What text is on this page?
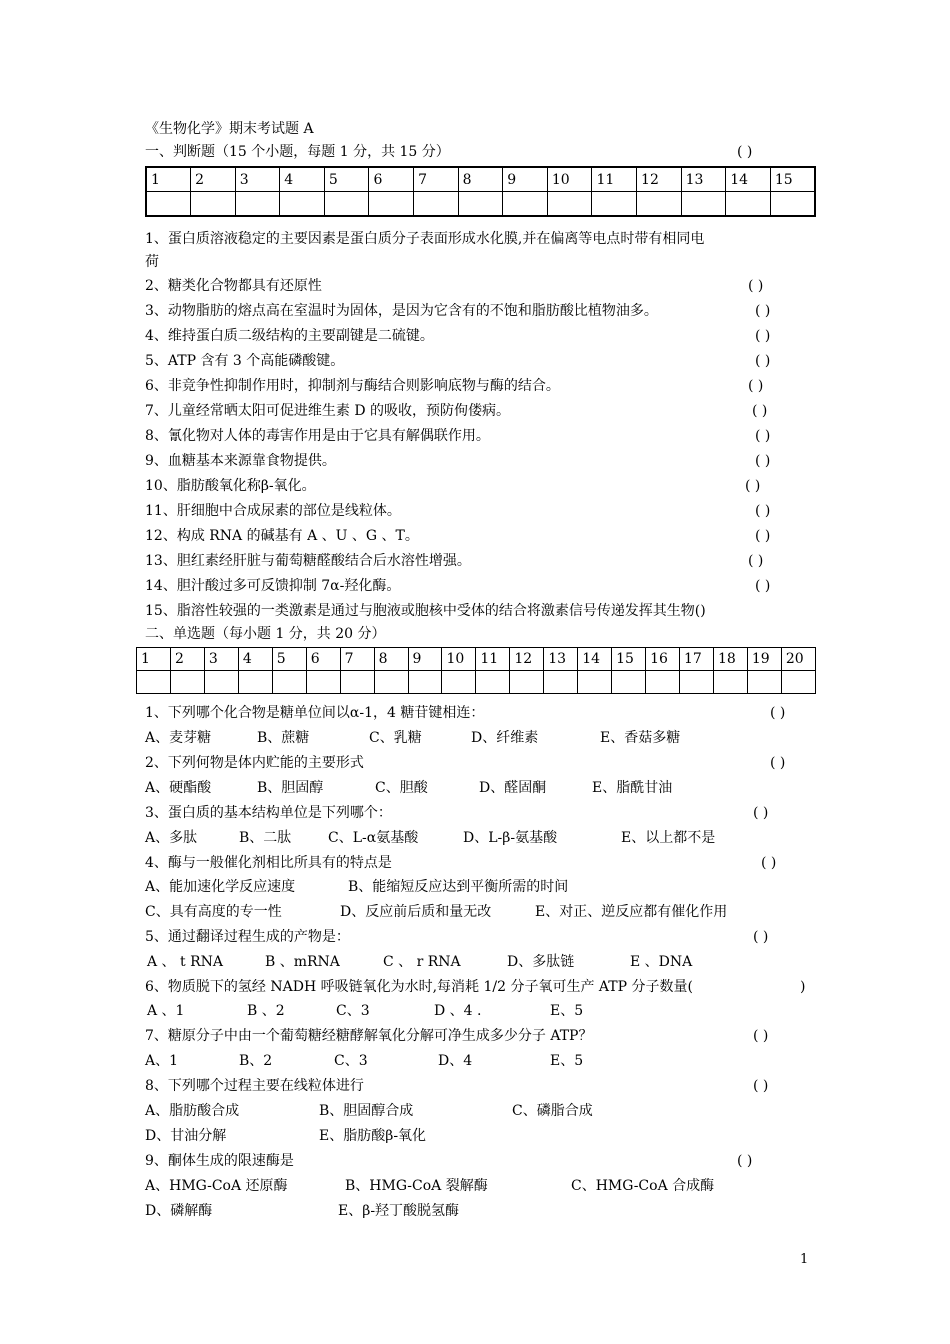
《生物化学》期末考试题 A
一、判断题（15 个小题，每题 1 分，共 15 分）	( )
1	2	3	4	5	6	7	8	9	10	11	12	13	14	15

1、蛋白质溶液稳定的主要因素是蛋白质分子表面形成水化膜,并在偏离等电点时带有相同电
荷
2、糖类化合物都具有还原性	( )
3、动物脂肪的熔点高在室温时为固体，是因为它含有的不饱和脂肪酸比植物油多。	( )
4、维持蛋白质二级结构的主要副键是二硫键。	( )
5、ATP 含有 3 个高能磷酸键。	( )
6、非竞争性抑制作用时，抑制剂与酶结合则影响底物与酶的结合。	( )
7、儿童经常晒太阳可促进维生素 D 的吸收，预防佝偻病。	( )
8、氰化物对人体的毒害作用是由于它具有解偶联作用。	( )
9、血糖基本来源靠食物提供。	( )
10、脂肪酸氧化称β-氧化。	( )
11、肝细胞中合成尿素的部位是线粒体。	( )
12、构成 RNA 的碱基有 A 、U 、G 、T。	( )
13、胆红素经肝脏与葡萄糖醛酸结合后水溶性增强。	( )
14、胆汁酸过多可反馈抑制 7α-羟化酶。	( )
15、脂溶性较强的一类激素是通过与胞液或胞核中受体的结合将激素信号传递发挥其生物()
二、单选题（每小题 1 分，共 20 分）
1	2	3	4	5	6	7	8	9	10	11	12	13	14	15	16	17	18	19	20

1、下列哪个化合物是糖单位间以α-1，4 糖苷键相连：	( )
A、麦芽糖	B、蔗糖	C、乳糖	D、纤维素	E、香菇多糖
2、下列何物是体内贮能的主要形式	( )
A、硬酯酸	B、胆固醇	C、胆酸	D、醛固酮	E、脂酰甘油
3、蛋白质的基本结构单位是下列哪个：	( )
A、多肽	B、二肽	C、L-α氨基酸	D、L-β-氨基酸	E、以上都不是
4、酶与一般催化剂相比所具有的特点是	( )
A、能加速化学反应速度	B、能缩短反应达到平衡所需的时间
C、具有高度的专一性	D、反应前后质和量无改	E、对正、逆反应都有催化作用
5、通过翻译过程生成的产物是：	( )
A 、 t RNA	B 、mRNA	C 、 r RNA	D、多肽链	E 、DNA
6、物质脱下的氢经 NADH 呼吸链氧化为水时,每消耗 1/2 分子氧可生产 ATP 分子数量(	)
A 、1	B 、2	C、3	D 、4 .	E、5
7、糖原分子中由一个葡萄糖经糖酵解氧化分解可净生成多少分子 ATP？	( )
A、1	B、2	C、3	D、4	E、5
8、下列哪个过程主要在线粒体进行	( )
A、脂肪酸合成	B、胆固醇合成	C、磷脂合成
D、甘油分解	E、脂肪酸β-氧化
9、酮体生成的限速酶是	( )
A、HMG-CoA 还原酶	B、HMG-CoA 裂解酶	C、HMG-CoA 合成酶
D、磷解酶	E、β-羟丁酸脱氢酶
1
